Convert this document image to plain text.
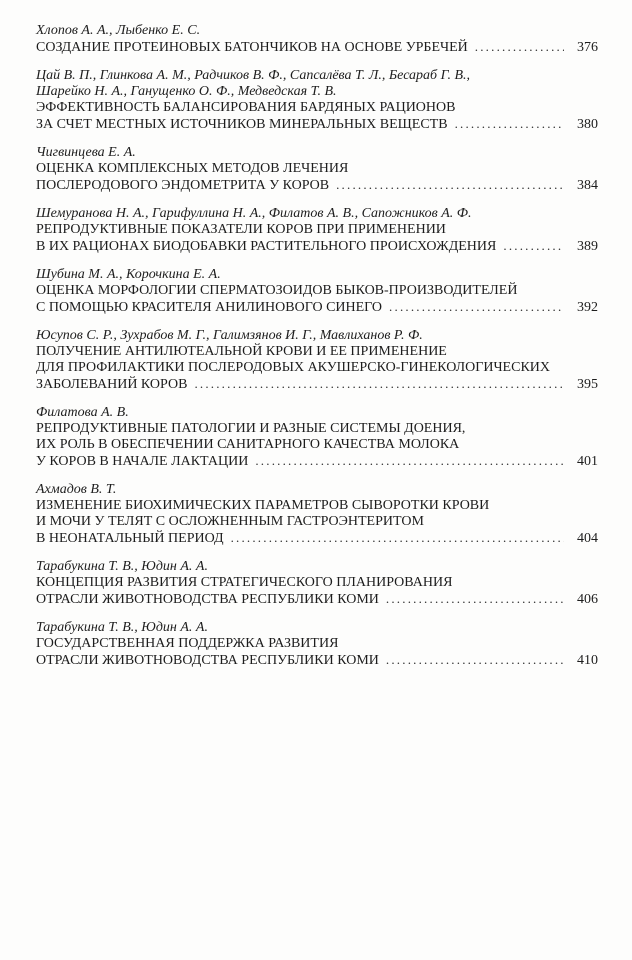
Хлопов А. А., Лыбенко Е. С.
СОЗДАНИЕ ПРОТЕИНОВЫХ БАТОНЧИКОВ НА ОСНОВЕ УРБЕЧЕЙ .....	376
Цай В. П., Глинкова А. М., Радчиков В. Ф., Сапсалёва Т. Л., Бесараб Г. В.,
Шарейко Н. А., Ганущенко О. Ф., Медведская Т. В.
ЭФФЕКТИВНОСТЬ БАЛАНСИРОВАНИЯ БАРДЯНЫХ РАЦИОНОВ
ЗА СЧЕТ МЕСТНЫХ ИСТОЧНИКОВ МИНЕРАЛЬНЫХ ВЕЩЕСТВ .....	380
Чигвинцева Е. А.
ОЦЕНКА КОМПЛЕКСНЫХ МЕТОДОВ ЛЕЧЕНИЯ
ПОСЛЕРОДОВОГО ЭНДОМЕТРИТА У КОРОВ .....	384
Шемуранова Н. А., Гарифуллина Н. А., Филатов А. В., Сапожников А. Ф.
РЕПРОДУКТИВНЫЕ ПОКАЗАТЕЛИ КОРОВ ПРИ ПРИМЕНЕНИИ
В ИХ РАЦИОНАХ БИОДОБАВКИ РАСТИТЕЛЬНОГО ПРОИСХОЖДЕНИЯ .....	389
Шубина М. А., Корочкина Е. А.
ОЦЕНКА МОРФОЛОГИИ СПЕРМАТОЗОИДОВ БЫКОВ-ПРОИЗВОДИТЕЛЕЙ
С ПОМОЩЬЮ КРАСИТЕЛЯ АНИЛИНОВОГО СИНЕГО .....	392
Юсупов С. Р., Зухрабов М. Г., Галимзянов И. Г., Мавлиханов Р. Ф.
ПОЛУЧЕНИЕ АНТИЛЮТЕАЛЬНОЙ КРОВИ И ЕЕ ПРИМЕНЕНИЕ
ДЛЯ ПРОФИЛАКТИКИ ПОСЛЕРОДОВЫХ АКУШЕРСКО-ГИНЕКОЛОГИЧЕСКИХ
ЗАБОЛЕВАНИЙ КОРОВ .....	395
Филатова А. В.
РЕПРОДУКТИВНЫЕ ПАТОЛОГИИ И РАЗНЫЕ СИСТЕМЫ ДОЕНИЯ,
ИХ РОЛЬ В ОБЕСПЕЧЕНИИ САНИТАРНОГО КАЧЕСТВА МОЛОКА
У КОРОВ В НАЧАЛЕ ЛАКТАЦИИ .....	401
Ахмадов В. Т.
ИЗМЕНЕНИЕ БИОХИМИЧЕСКИХ ПАРАМЕТРОВ СЫВОРОТКИ КРОВИ
И МОЧИ У ТЕЛЯТ С ОСЛОЖНЕННЫМ ГАСТРОЭНТЕРИТОМ
В НЕОНАТАЛЬНЫЙ ПЕРИОД .....	404
Тарабукина Т. В., Юдин А. А.
КОНЦЕПЦИЯ РАЗВИТИЯ СТРАТЕГИЧЕСКОГО ПЛАНИРОВАНИЯ
ОТРАСЛИ ЖИВОТНОВОДСТВА РЕСПУБЛИКИ КОМИ .....	406
Тарабукина Т. В., Юдин А. А.
ГОСУДАРСТВЕННАЯ ПОДДЕРЖКА РАЗВИТИЯ
ОТРАСЛИ ЖИВОТНОВОДСТВА РЕСПУБЛИКИ КОМИ .....	410
